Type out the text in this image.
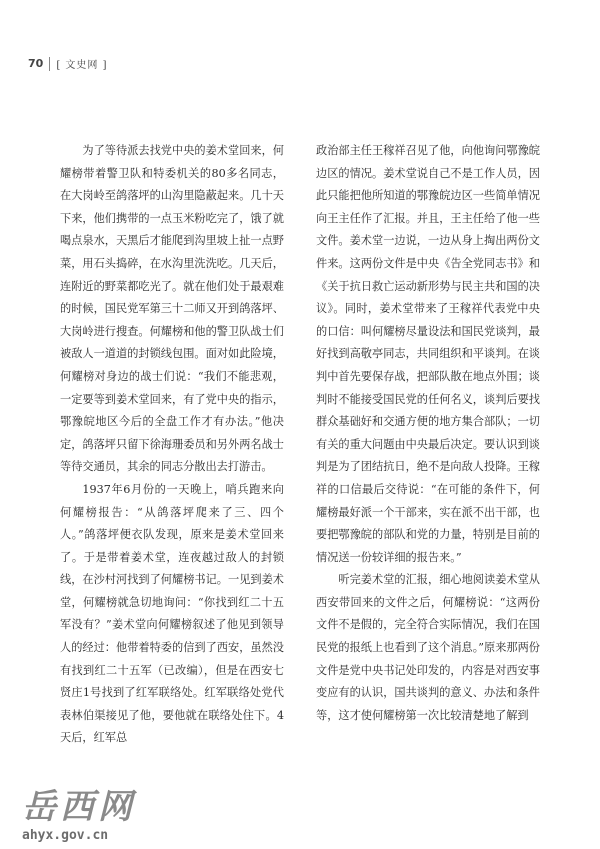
70 [ 文史网 ]

为了等待派去找党中央的姜术堂回来，何耀榜带着警卫队和特委机关的80多名同志，在大岗岭至鸽落坪的山沟里隐蔽起来。几十天下来，他们携带的一点玉米粉吃完了，饿了就喝点泉水，天黑后才能爬到沟里坡上扯一点野菜，用石头捣碎，在水沟里洗洗吃。几天后，连附近的野菜都吃光了。就在他们处于最艰难的时候，国民党军第三十二师又开到鸽落坪、大岗岭进行搜查。何耀榜和他的警卫队战士们被敌人一道道的封锁线包围。面对如此险境，何耀榜对身边的战士们说：“我们不能悲观，一定要等到姜术堂回来，有了党中央的指示，鄂豫皖地区今后的全盘工作才有办法。”他决定，鸽落坪只留下徐海珊委员和另外两名战士等待交通员，其余的同志分散出去打游击。

1937年6月份的一天晚上，哨兵跑来向何耀榜报告：“从鸽落坪爬来了三、四个人。”鸽落坪便衣队发现，原来是姜术堂回来了。于是带着姜术堂，连夜越过敌人的封锁线，在沙村河找到了何耀榜书记。一见到姜术堂，何耀榜就急切地询问：“你找到红二十五军没有？”姜术堂向何耀榜叙述了他见到领导人的经过：他带着特委的信到了西安，虽然没有找到红二十五军（已改编），但是在西安七贤庄1号找到了红军联络处。红军联络处党代表林伯渠接见了他，要他就在联络处住下。4天后，红军总

政治部主任王稼祥召见了他，向他询问鄂豫皖边区的情况。姜术堂说自己不是工作人员，因此只能把他所知道的鄂豫皖边区一些简单情况向王主任作了汇报。并且，王主任给了他一些文件。姜术堂一边说，一边从身上掏出两份文件来。这两份文件是中央《告全党同志书》和《关于抗日救亡运动新形势与民主共和国的决议》。同时，姜术堂带来了王稼祥代表党中央的口信：叫何耀榜尽量设法和国民党谈判，最好找到高敬亭同志，共同组织和平谈判。在谈判中首先要保存战，把部队散在地点外围；谈判时不能接受国民党的任何名义，谈判后要找群众基础好和交通方便的地方集合部队；一切有关的重大问题由中央最后决定。要认识到谈判是为了团结抗日，绝不是向敌人投降。王稼祥的口信最后交待说：“在可能的条件下，何耀榜最好派一个干部来，实在派不出干部，也要把鄂豫皖的部队和党的力量，特别是目前的情况送一份较详细的报告来。”

听完姜术堂的汇报，细心地阅读姜术堂从西安带回来的文件之后，何耀榜说：“这两份文件不是假的，完全符合实际情况，我们在国民党的报纸上也看到了这个消息。”原来那两份文件是党中央书记处印发的，内容是对西安事变应有的认识，国共谈判的意义、办法和条件等，这才使何耀榜第一次比较清楚地了解到

岳西网
ahyx.gov.cn
